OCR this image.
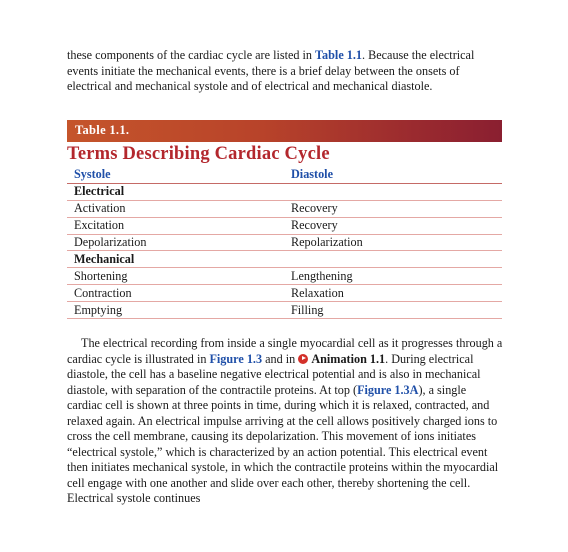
these components of the cardiac cycle are listed in Table 1.1. Because the electrical events initiate the mechanical events, there is a brief delay between the onsets of electrical and mechanical systole and of electrical and mechanical diastole.

Table 1.1.
Terms Describing Cardiac Cycle
Systole	Diastole
Electrical	
Activation	Recovery
Excitation	Recovery
Depolarization	Repolarization
Mechanical	
Shortening	Lengthening
Contraction	Relaxation
Emptying	Filling

The electrical recording from inside a single myocardial cell as it progresses through a cardiac cycle is illustrated in Figure 1.3 and in  Animation 1.1. During electrical diastole, the cell has a baseline negative electrical potential and is also in mechanical diastole, with separation of the contractile proteins. At top (Figure 1.3A), a single cardiac cell is shown at three points in time, during which it is relaxed, contracted, and relaxed again. An electrical impulse arriving at the cell allows positively charged ions to cross the cell membrane, causing its depolarization. This movement of ions initiates “electrical systole,” which is characterized by an action potential. This electrical event then initiates mechanical systole, in which the contractile proteins within the myocardial cell engage with one another and slide over each other, thereby shortening the cell. Electrical systole continues
